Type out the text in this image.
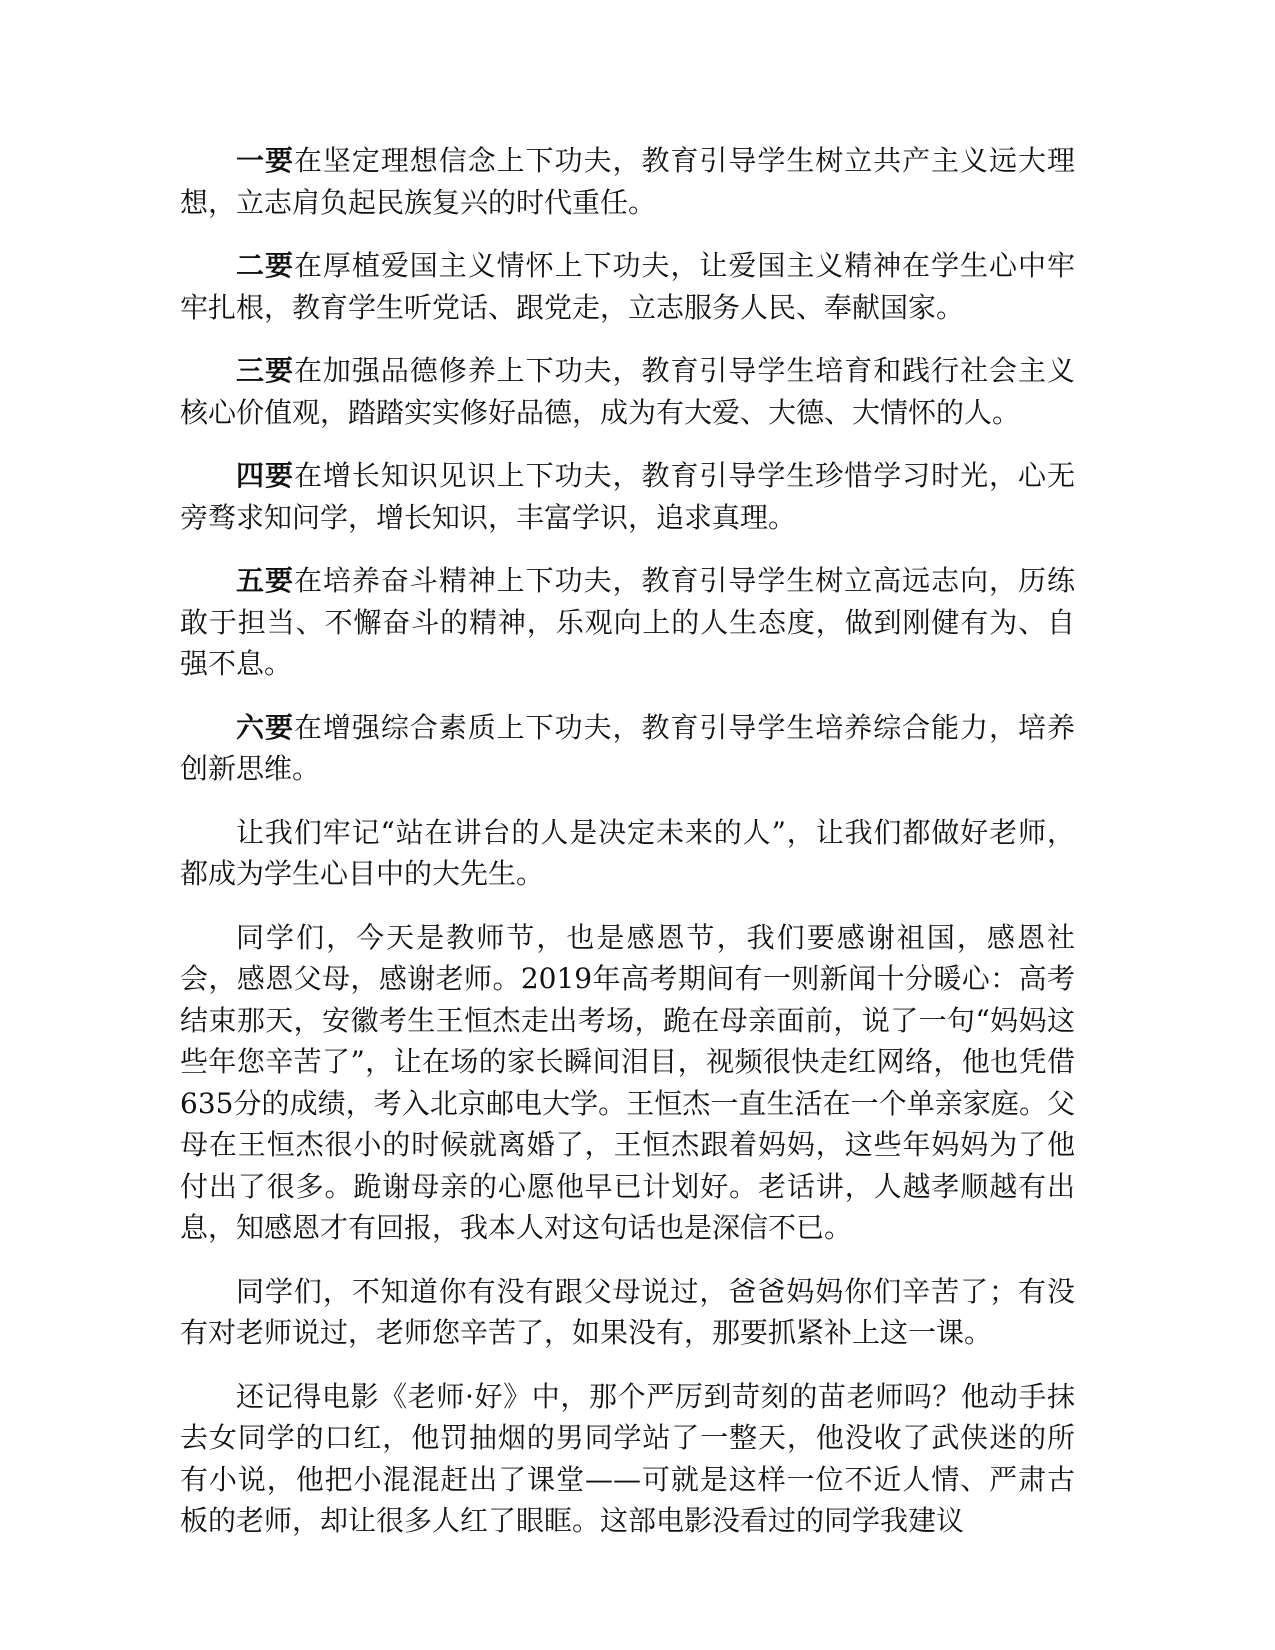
一要在坚定理想信念上下功夫，教育引导学生树立共产主义远大理想，立志肩负起民族复兴的时代重任。

二要在厚植爱国主义情怀上下功夫，让爱国主义精神在学生心中牢牢扎根，教育学生听党话、跟党走，立志服务人民、奉献国家。

三要在加强品德修养上下功夫，教育引导学生培育和践行社会主义核心价值观，踏踏实实修好品德，成为有大爱、大德、大情怀的人。

四要在增长知识见识上下功夫，教育引导学生珍惜学习时光，心无旁骛求知问学，增长知识，丰富学识，追求真理。

五要在培养奋斗精神上下功夫，教育引导学生树立高远志向，历练敢于担当、不懈奋斗的精神，乐观向上的人生态度，做到刚健有为、自强不息。

六要在增强综合素质上下功夫，教育引导学生培养综合能力，培养创新思维。

让我们牢记“站在讲台的人是决定未来的人”，让我们都做好老师，都成为学生心目中的大先生。

同学们，今天是教师节，也是感恩节，我们要感谢祖国，感恩社会，感恩父母，感谢老师。2019年高考期间有一则新闻十分暖心：高考结束那天，安徽考生王恒杰走出考场，跪在母亲面前，说了一句“妈妈这些年您辛苦了”，让在场的家长瞬间泪目，视频很快走红网络，他也凭借635分的成绩，考入北京邮电大学。王恒杰一直生活在一个单亲家庭。父母在王恒杰很小的时候就离婚了，王恒杰跟着妈妈，这些年妈妈为了他付出了很多。跪谢母亲的心愿他早已计划好。老话讲，人越孝顺越有出息，知感恩才有回报，我本人对这句话也是深信不已。

同学们，不知道你有没有跟父母说过，爸爸妈妈你们辛苦了；有没有对老师说过，老师您辛苦了，如果没有，那要抓紧补上这一课。

还记得电影《老师·好》中，那个严厉到苛刻的苗老师吗？他动手抹去女同学的口红，他罚抽烟的男同学站了一整天，他没收了武侠迷的所有小说，他把小混混赶出了课堂——可就是这样一位不近人情、严肃古板的老师，却让很多人红了眼眶。这部电影没看过的同学我建议
